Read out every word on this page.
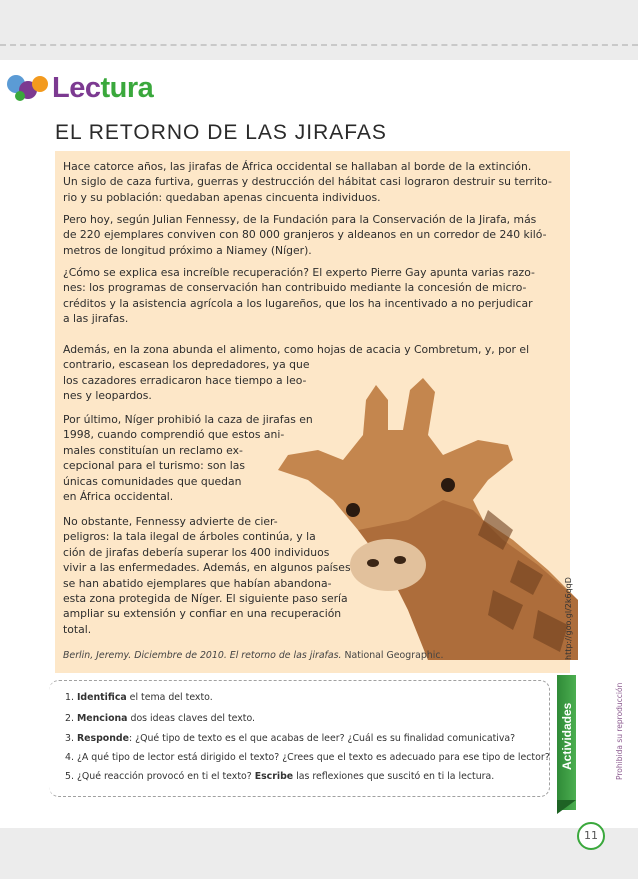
Lectura
EL RETORNO DE LAS JIRAFAS

Hace catorce años, las jirafas de África occidental se hallaban al borde de la extinción.
Un siglo de caza furtiva, guerras y destrucción del hábitat casi lograron destruir su territo-
rio y su población: quedaban apenas cincuenta individuos.

Pero hoy, según Julian Fennessy, de la Fundación para la Conservación de la Jirafa, más
de 220 ejemplares conviven con 80 000 granjeros y aldeanos en un corredor de 240 kiló-
metros de longitud próximo a Niamey (Níger).

¿Cómo se explica esa increíble recuperación? El experto Pierre Gay apunta varias razo-
nes: los programas de conservación han contribuido mediante la concesión de micro-
créditos y la asistencia agrícola a los lugareños, que los ha incentivado a no perjudicar
a las jirafas.

Además, en la zona abunda el alimento, como hojas de acacia y Combretum, y, por el
contrario, escasean los depredadores, ya que
los cazadores erradicaron hace tiempo a leo-
nes y leopardos.

Por último, Níger prohibió la caza de jirafas en
1998, cuando comprendió que estos ani-
males constituían un reclamo ex-
cepcional para el turismo: son las
únicas comunidades que quedan
en África occidental.

No obstante, Fennessy advierte de cier-
peligros: la tala ilegal de árboles continúa, y la
ción de jirafas debería superar los 400 individuos
vivir a las enfermedades. Además, en algunos países
se han abatido ejemplares que habían abandona-
esta zona protegida de Níger. El siguiente paso sería
ampliar su extensión y confiar en una recuperación
total.

Berlin, Jeremy. Diciembre de 2010. El retorno de las jirafas. National Geographic.	http://goo.gl/2k6qqD
1. Identifica el tema del texto.
2. Menciona dos ideas claves del texto.
3. Responde: ¿Qué tipo de texto es el que acabas de leer? ¿Cuál es su finalidad comunicativa?
4. ¿A qué tipo de lector está dirigido el texto? ¿Crees que el texto es adecuado para ese tipo de lector?
5. ¿Qué reacción provocó en ti el texto? Escribe las reflexiones que suscitó en ti la lectura.
Actividades	Prohibida su reproducción
11
